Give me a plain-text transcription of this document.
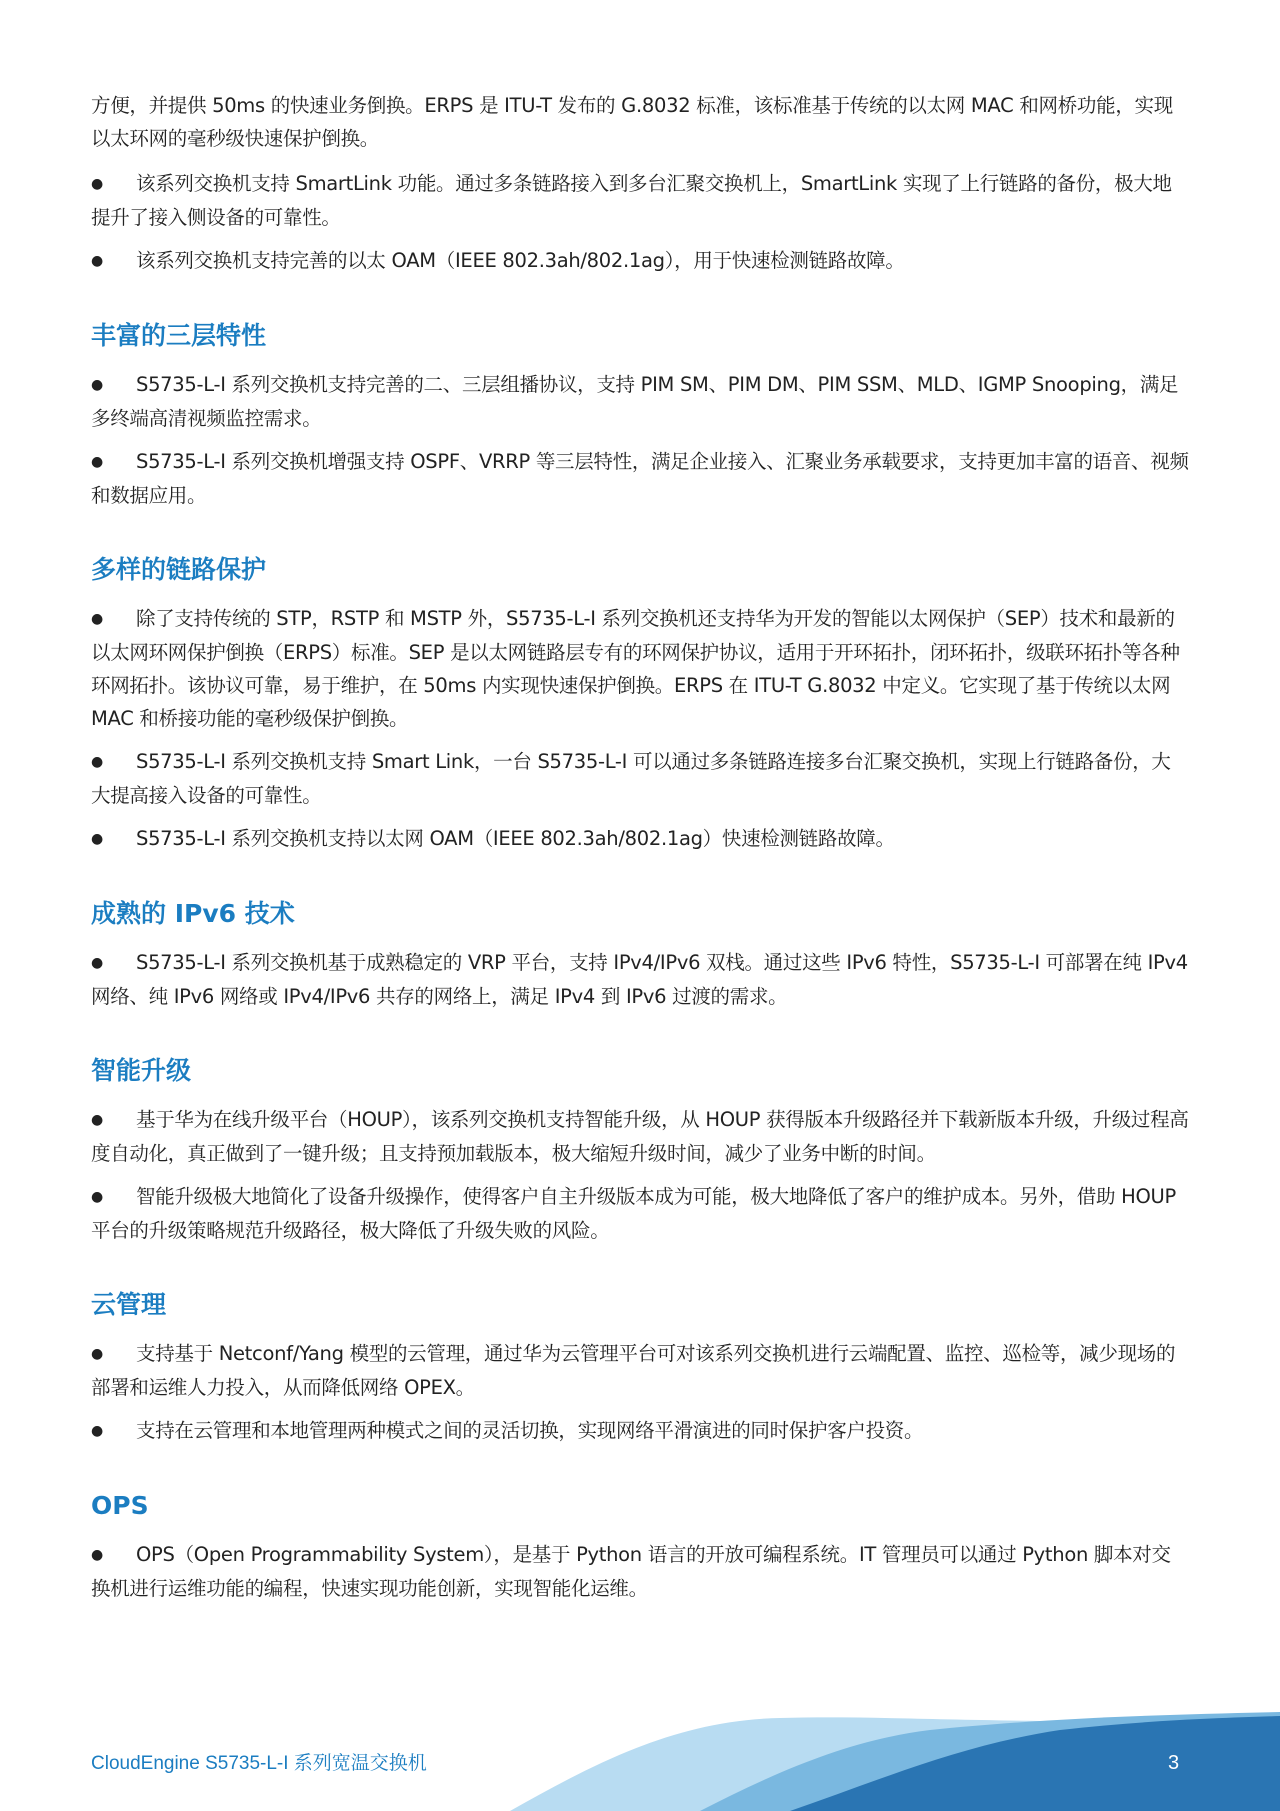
方便，并提供 50ms 的快速业务倒换。ERPS 是 ITU-T 发布的 G.8032 标准，该标准基于传统的以太网 MAC 和网桥功能，实现以太环网的毫秒级快速保护倒换。

● 该系列交换机支持 SmartLink 功能。通过多条链路接入到多台汇聚交换机上，SmartLink 实现了上行链路的备份，极大地提升了接入侧设备的可靠性。
● 该系列交换机支持完善的以太 OAM（IEEE 802.3ah/802.1ag），用于快速检测链路故障。
丰富的三层特性
● S5735-L-I 系列交换机支持完善的二、三层组播协议，支持 PIM SM、PIM DM、PIM SSM、MLD、IGMP Snooping，满足多终端高清视频监控需求。
● S5735-L-I 系列交换机增强支持 OSPF、VRRP 等三层特性，满足企业接入、汇聚业务承载要求，支持更加丰富的语音、视频和数据应用。
多样的链路保护
● 除了支持传统的 STP，RSTP 和 MSTP 外，S5735-L-I 系列交换机还支持华为开发的智能以太网保护（SEP）技术和最新的以太网环网保护倒换（ERPS）标准。SEP 是以太网链路层专有的环网保护协议，适用于开环拓扑，闭环拓扑，级联环拓扑等各种环网拓扑。该协议可靠，易于维护，在 50ms 内实现快速保护倒换。ERPS 在 ITU-T G.8032 中定义。它实现了基于传统以太网 MAC 和桥接功能的毫秒级保护倒换。
● S5735-L-I 系列交换机支持 Smart Link，一台 S5735-L-I 可以通过多条链路连接多台汇聚交换机，实现上行链路备份，大大提高接入设备的可靠性。
● S5735-L-I 系列交换机支持以太网 OAM（IEEE 802.3ah/802.1ag）快速检测链路故障。
成熟的 IPv6 技术
● S5735-L-I 系列交换机基于成熟稳定的 VRP 平台，支持 IPv4/IPv6 双栈。通过这些 IPv6 特性，S5735-L-I 可部署在纯 IPv4 网络、纯 IPv6 网络或 IPv4/IPv6 共存的网络上，满足 IPv4 到 IPv6 过渡的需求。
智能升级
● 基于华为在线升级平台（HOUP），该系列交换机支持智能升级，从 HOUP 获得版本升级路径并下载新版本升级，升级过程高度自动化，真正做到了一键升级；且支持预加载版本，极大缩短升级时间，减少了业务中断的时间。
● 智能升级极大地简化了设备升级操作，使得客户自主升级版本成为可能，极大地降低了客户的维护成本。另外，借助 HOUP 平台的升级策略规范升级路径，极大降低了升级失败的风险。
云管理
● 支持基于 Netconf/Yang 模型的云管理，通过华为云管理平台可对该系列交换机进行云端配置、监控、巡检等，减少现场的部署和运维人力投入，从而降低网络 OPEX。
● 支持在云管理和本地管理两种模式之间的灵活切换，实现网络平滑演进的同时保护客户投资。
OPS
● OPS（Open Programmability System），是基于 Python 语言的开放可编程系统。IT 管理员可以通过 Python 脚本对交换机进行运维功能的编程，快速实现功能创新，实现智能化运维。
CloudEngine S5735-L-I 系列宽温交换机	3
